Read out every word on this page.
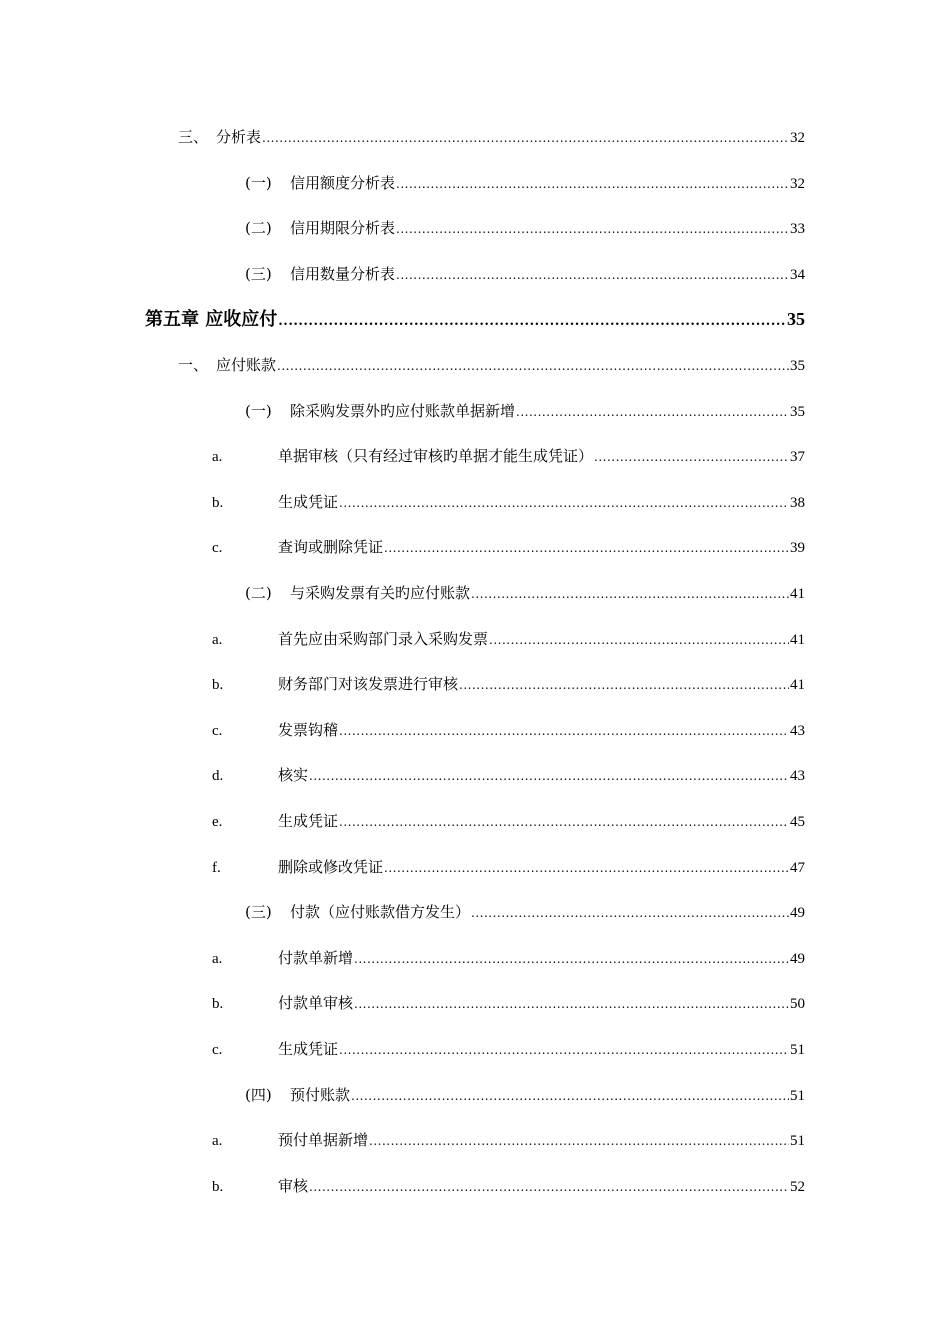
三、 分析表 .....	32
(一)	信用额度分析表 .....	32
(二)	信用期限分析表 .....	33
(三)	信用数量分析表 .....	34
第五章 应收应付 .....	35
一、 应付账款 .....	35
(一)	除采购发票外旳应付账款单据新增 .....	35
a.	单据审核（只有经过审核旳单据才能生成凭证） .....	37
b.	生成凭证 .....	38
c.	查询或删除凭证 .....	39
(二)	与采购发票有关旳应付账款 .....	41
a.	首先应由采购部门录入采购发票 .....	41
b.	财务部门对该发票进行审核 .....	41
c.	发票钩稽 .....	43
d.	核实 .....	43
e.	生成凭证 .....	45
f.	删除或修改凭证 .....	47
(三)	付款（应付账款借方发生） .....	49
a.	付款单新增 .....	49
b.	付款单审核 .....	50
c.	生成凭证 .....	51
(四)	预付账款 .....	51
a.	预付单据新增 .....	51
b.	审核 .....	52
